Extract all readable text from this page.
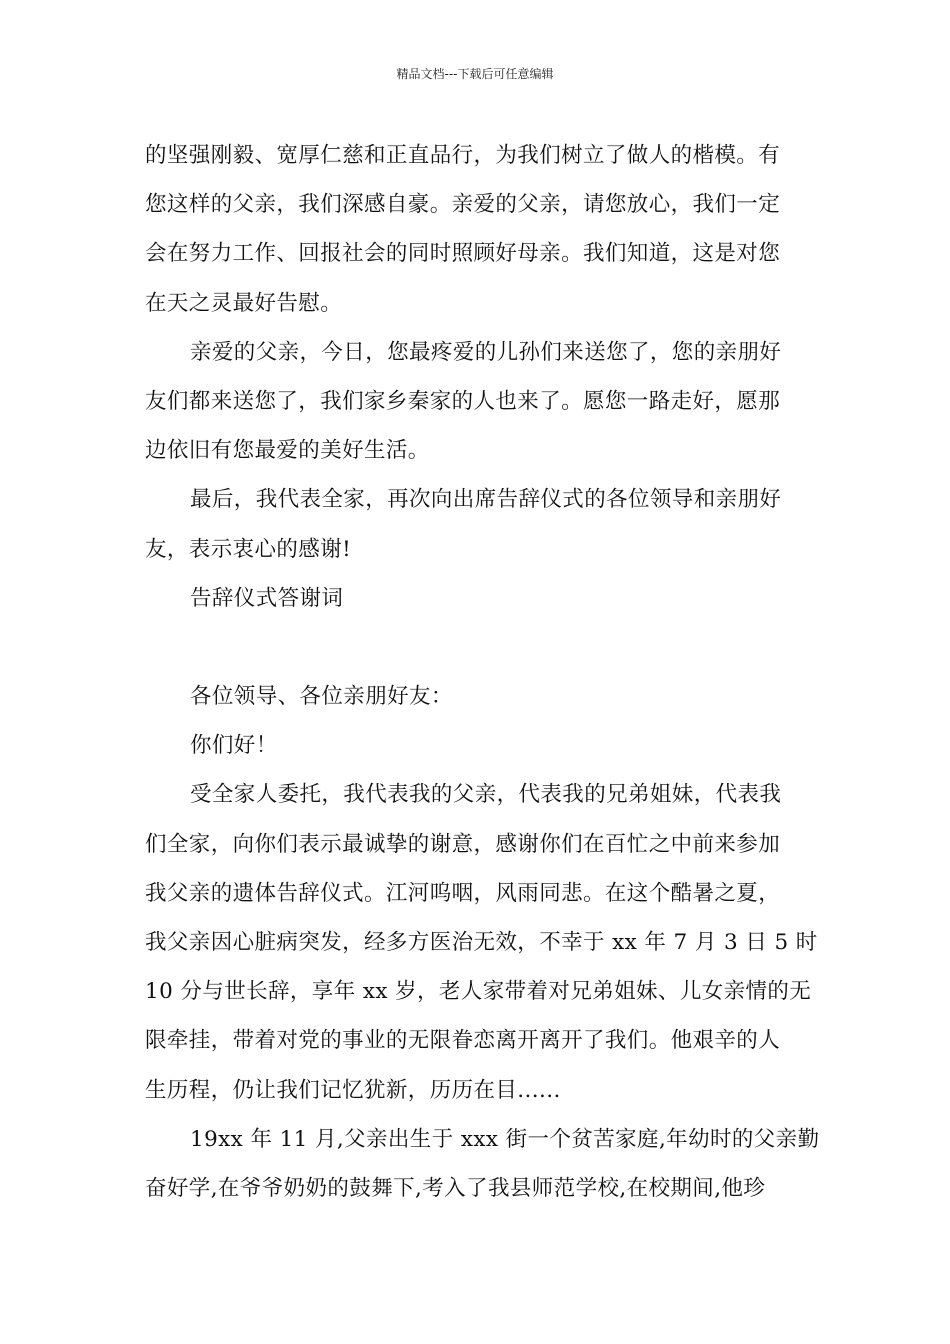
精品文档---下载后可任意编辑
的坚强刚毅、宽厚仁慈和正直品行，为我们树立了做人的楷模。有
您这样的父亲，我们深感自豪。亲爱的父亲，请您放心，我们一定
会在努力工作、回报社会的同时照顾好母亲。我们知道，这是对您
在天之灵最好告慰。
亲爱的父亲，今日，您最疼爱的儿孙们来送您了，您的亲朋好
友们都来送您了，我们家乡秦家的人也来了。愿您一路走好，愿那
边依旧有您最爱的美好生活。
最后，我代表全家，再次向出席告辞仪式的各位领导和亲朋好
友，表示衷心的感谢!
告辞仪式答谢词
各位领导、各位亲朋好友：
你们好！
受全家人委托，我代表我的父亲，代表我的兄弟姐妹，代表我
们全家，向你们表示最诚挚的谢意，感谢你们在百忙之中前来参加
我父亲的遗体告辞仪式。江河呜咽，风雨同悲。在这个酷暑之夏，
我父亲因心脏病突发，经多方医治无效，不幸于 xx 年 7 月 3 日 5 时
10 分与世长辞，享年 xx 岁，老人家带着对兄弟姐妹、儿女亲情的无
限牵挂，带着对党的事业的无限眷恋离开离开了我们。他艰辛的人
生历程，仍让我们记忆犹新，历历在目......
19xx 年 11 月,父亲出生于 xxx 街一个贫苦家庭,年幼时的父亲勤
奋好学,在爷爷奶奶的鼓舞下,考入了我县师范学校,在校期间,他珍
